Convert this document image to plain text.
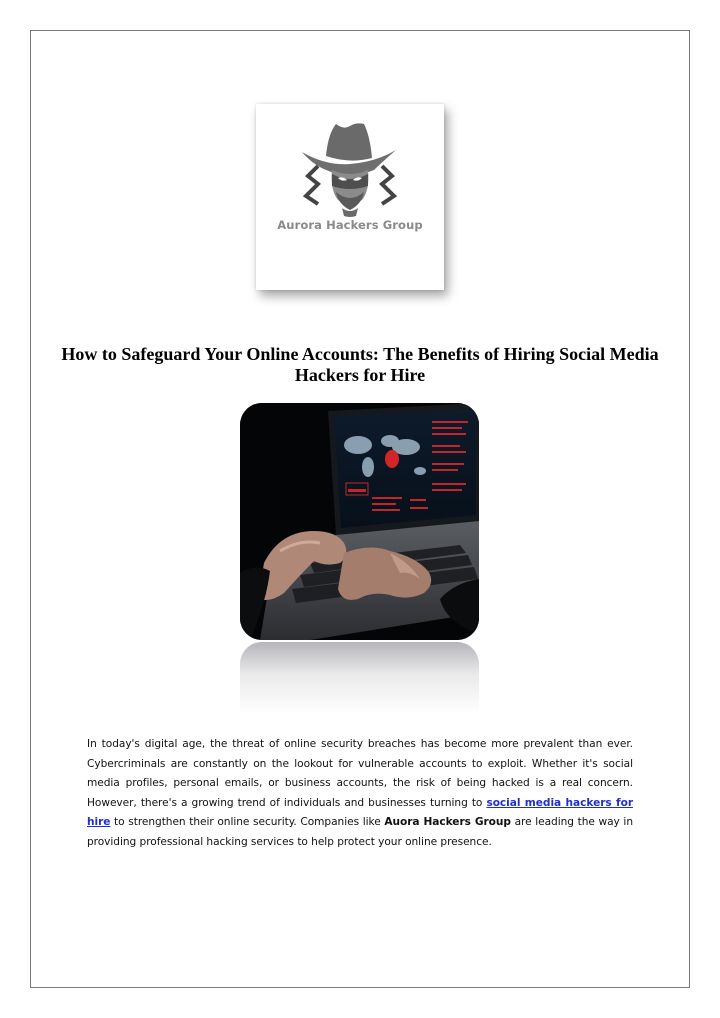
Aurora Hackers Group
How to Safeguard Your Online Accounts: The Benefits of Hiring Social Media Hackers for Hire

In today's digital age, the threat of online security breaches has become more prevalent than ever. Cybercriminals are constantly on the lookout for vulnerable accounts to exploit. Whether it's social media profiles, personal emails, or business accounts, the risk of being hacked is a real concern. However, there's a growing trend of individuals and businesses turning to social media hackers for hire to strengthen their online security. Companies like Auora Hackers Group are leading the way in providing professional hacking services to help protect your online presence.
